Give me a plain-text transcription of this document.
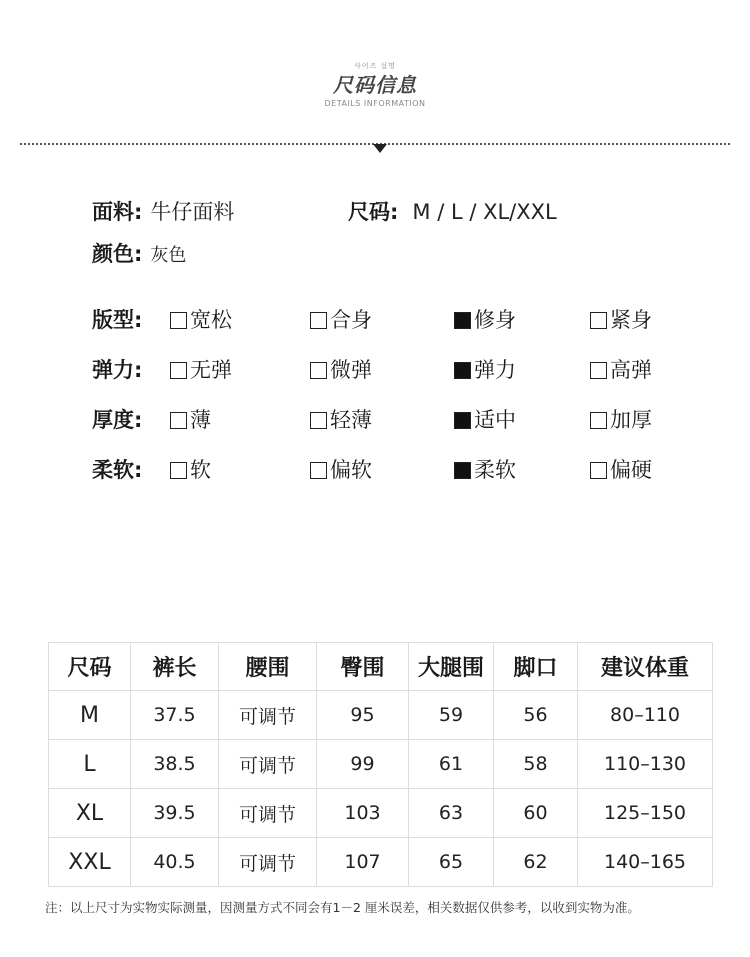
사이즈 설명
尺码信息
DETAILS INFORMATION
面料: 牛仔面料	尺码: M / L / XL/XXL
颜色: 灰色
版型:	宽松	合身	修身	紧身
弹力:	无弹	微弹	弹力	高弹
厚度:	薄	轻薄	适中	加厚
柔软:	软	偏软	柔软	偏硬
尺码	裤长	腰围	臀围	大腿围	脚口	建议体重
M	37.5	可调节	95	59	56	80–110
L	38.5	可调节	99	61	58	110–130
XL	39.5	可调节	103	63	60	125–150
XXL	40.5	可调节	107	65	62	140–165
注：以上尺寸为实物实际测量，因测量方式不同会有1－2 厘米误差，相关数据仅供参考，以收到实物为准。
